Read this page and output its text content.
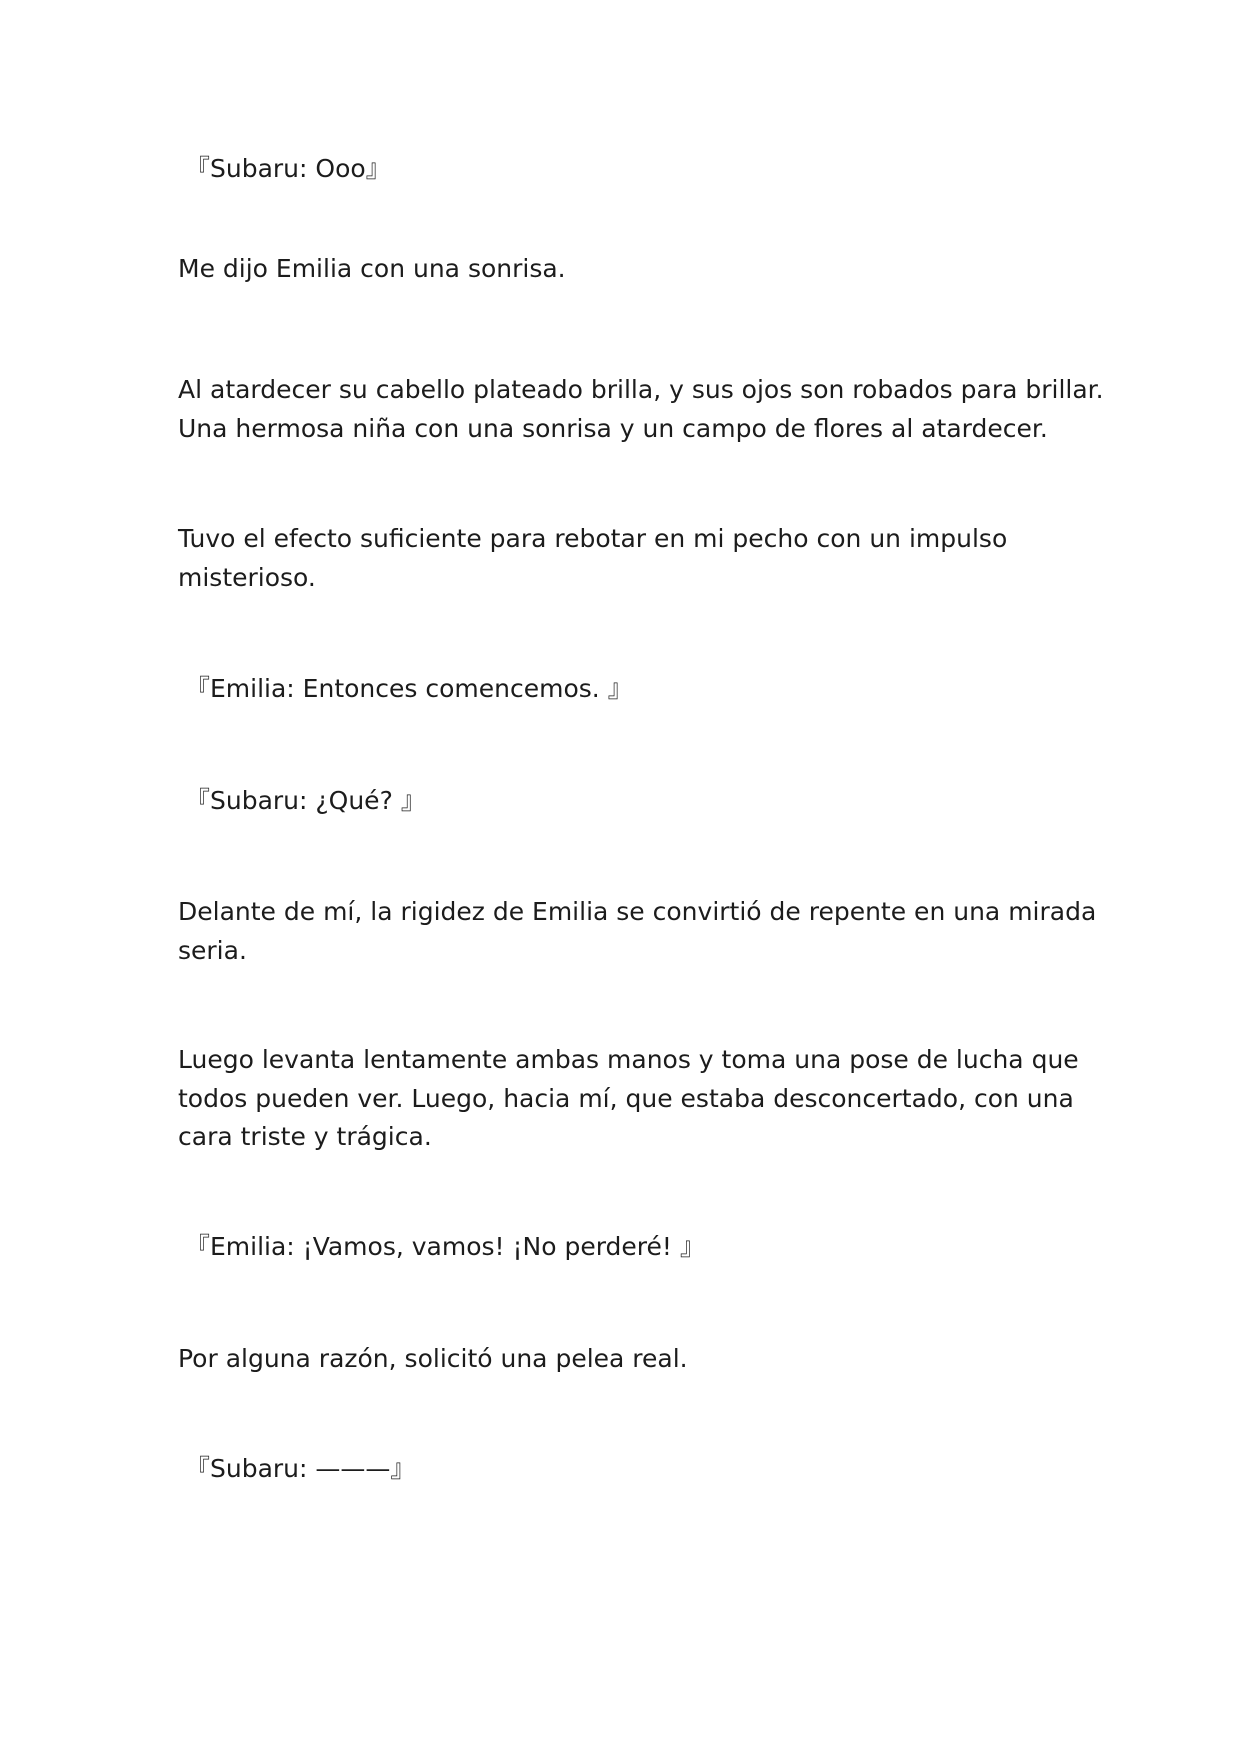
『Subaru: Ooo』

Me dijo Emilia con una sonrisa.

Al atardecer su cabello plateado brilla, y sus ojos son robados para brillar.
Una hermosa niña con una sonrisa y un campo de flores al atardecer.

Tuvo el efecto suficiente para rebotar en mi pecho con un impulso
misterioso.

『Emilia: Entonces comencemos. 』

『Subaru: ¿Qué? 』

Delante de mí, la rigidez de Emilia se convirtió de repente en una mirada
seria.

Luego levanta lentamente ambas manos y toma una pose de lucha que
todos pueden ver. Luego, hacia mí, que estaba desconcertado, con una
cara triste y trágica.

『Emilia: ¡Vamos, vamos! ¡No perderé! 』

Por alguna razón, solicitó una pelea real.

『Subaru: ———』
